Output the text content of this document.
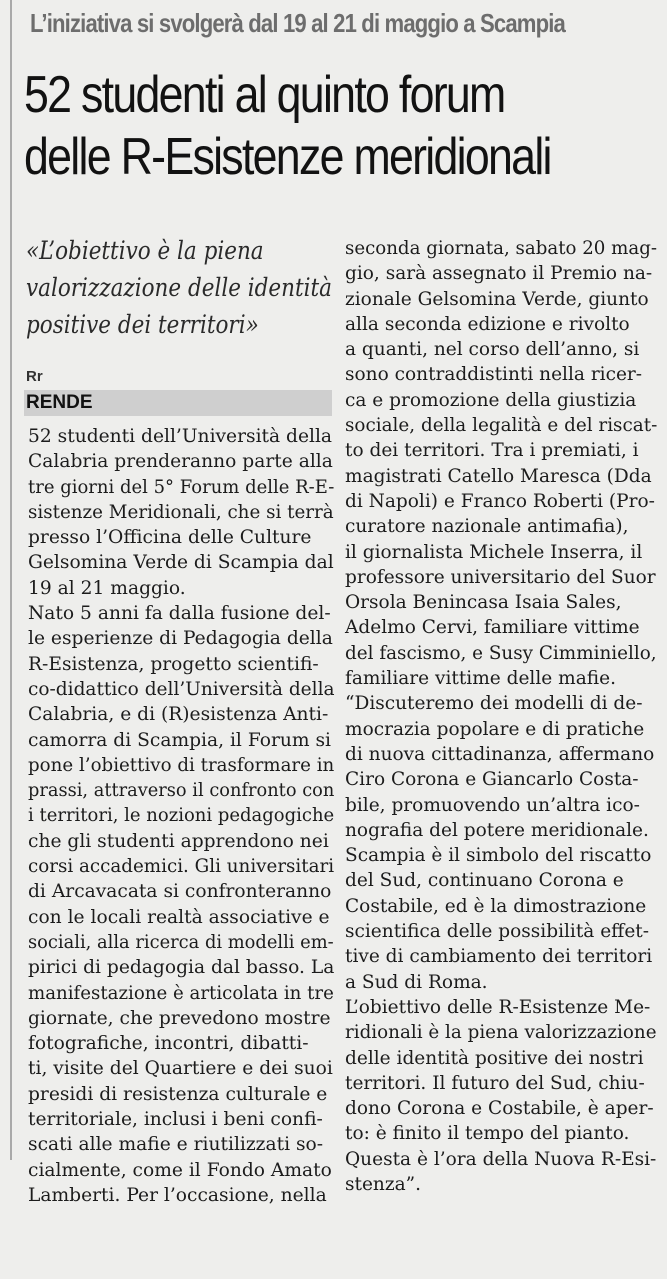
L’iniziativa si svolgerà dal 19 al 21 di maggio a Scampia
52 studenti al quinto forum
delle R-Esistenze meridionali
«L’obiettivo è la piena
valorizzazione delle identità
positive dei territori»
Rr
RENDE
52 studenti dell’Università della
Calabria prenderanno parte alla
tre giorni del 5° Forum delle R-E-
sistenze Meridionali, che si terrà
presso l’Officina delle Culture
Gelsomina Verde di Scampia dal
19 al 21 maggio.
Nato 5 anni fa dalla fusione del-
le esperienze di Pedagogia della
R-Esistenza, progetto scientifi-
co-didattico dell’Università della
Calabria, e di (R)esistenza Anti-
camorra di Scampia, il Forum si
pone l’obiettivo di trasformare in
prassi, attraverso il confronto con
i territori, le nozioni pedagogiche
che gli studenti apprendono nei
corsi accademici. Gli universitari
di Arcavacata si confronteranno
con le locali realtà associative e
sociali, alla ricerca di modelli em-
pirici di pedagogia dal basso. La
manifestazione è articolata in tre
giornate, che prevedono mostre
fotografiche, incontri, dibatti-
ti, visite del Quartiere e dei suoi
presidi di resistenza culturale e
territoriale, inclusi i beni confi-
scati alle mafie e riutilizzati so-
cialmente, come il Fondo Amato
Lamberti. Per l’occasione, nella
seconda giornata, sabato 20 mag-
gio, sarà assegnato il Premio na-
zionale Gelsomina Verde, giunto
alla seconda edizione e rivolto
a quanti, nel corso dell’anno, si
sono contraddistinti nella ricer-
ca e promozione della giustizia
sociale, della legalità e del riscat-
to dei territori. Tra i premiati, i
magistrati Catello Maresca (Dda
di Napoli) e Franco Roberti (Pro-
curatore nazionale antimafia),
il giornalista Michele Inserra, il
professore universitario del Suor
Orsola Benincasa Isaia Sales,
Adelmo Cervi, familiare vittime
del fascismo, e Susy Cimminiello,
familiare vittime delle mafie.
“Discuteremo dei modelli di de-
mocrazia popolare e di pratiche
di nuova cittadinanza, affermano
Ciro Corona e Giancarlo Costa-
bile, promuovendo un’altra ico-
nografia del potere meridionale.
Scampia è il simbolo del riscatto
del Sud, continuano Corona e
Costabile, ed è la dimostrazione
scientifica delle possibilità effet-
tive di cambiamento dei territori
a Sud di Roma.
L’obiettivo delle R-Esistenze Me-
ridionali è la piena valorizzazione
delle identità positive dei nostri
territori. Il futuro del Sud, chiu-
dono Corona e Costabile, è aper-
to: è finito il tempo del pianto.
Questa è l’ora della Nuova R-Esi-
stenza”.
